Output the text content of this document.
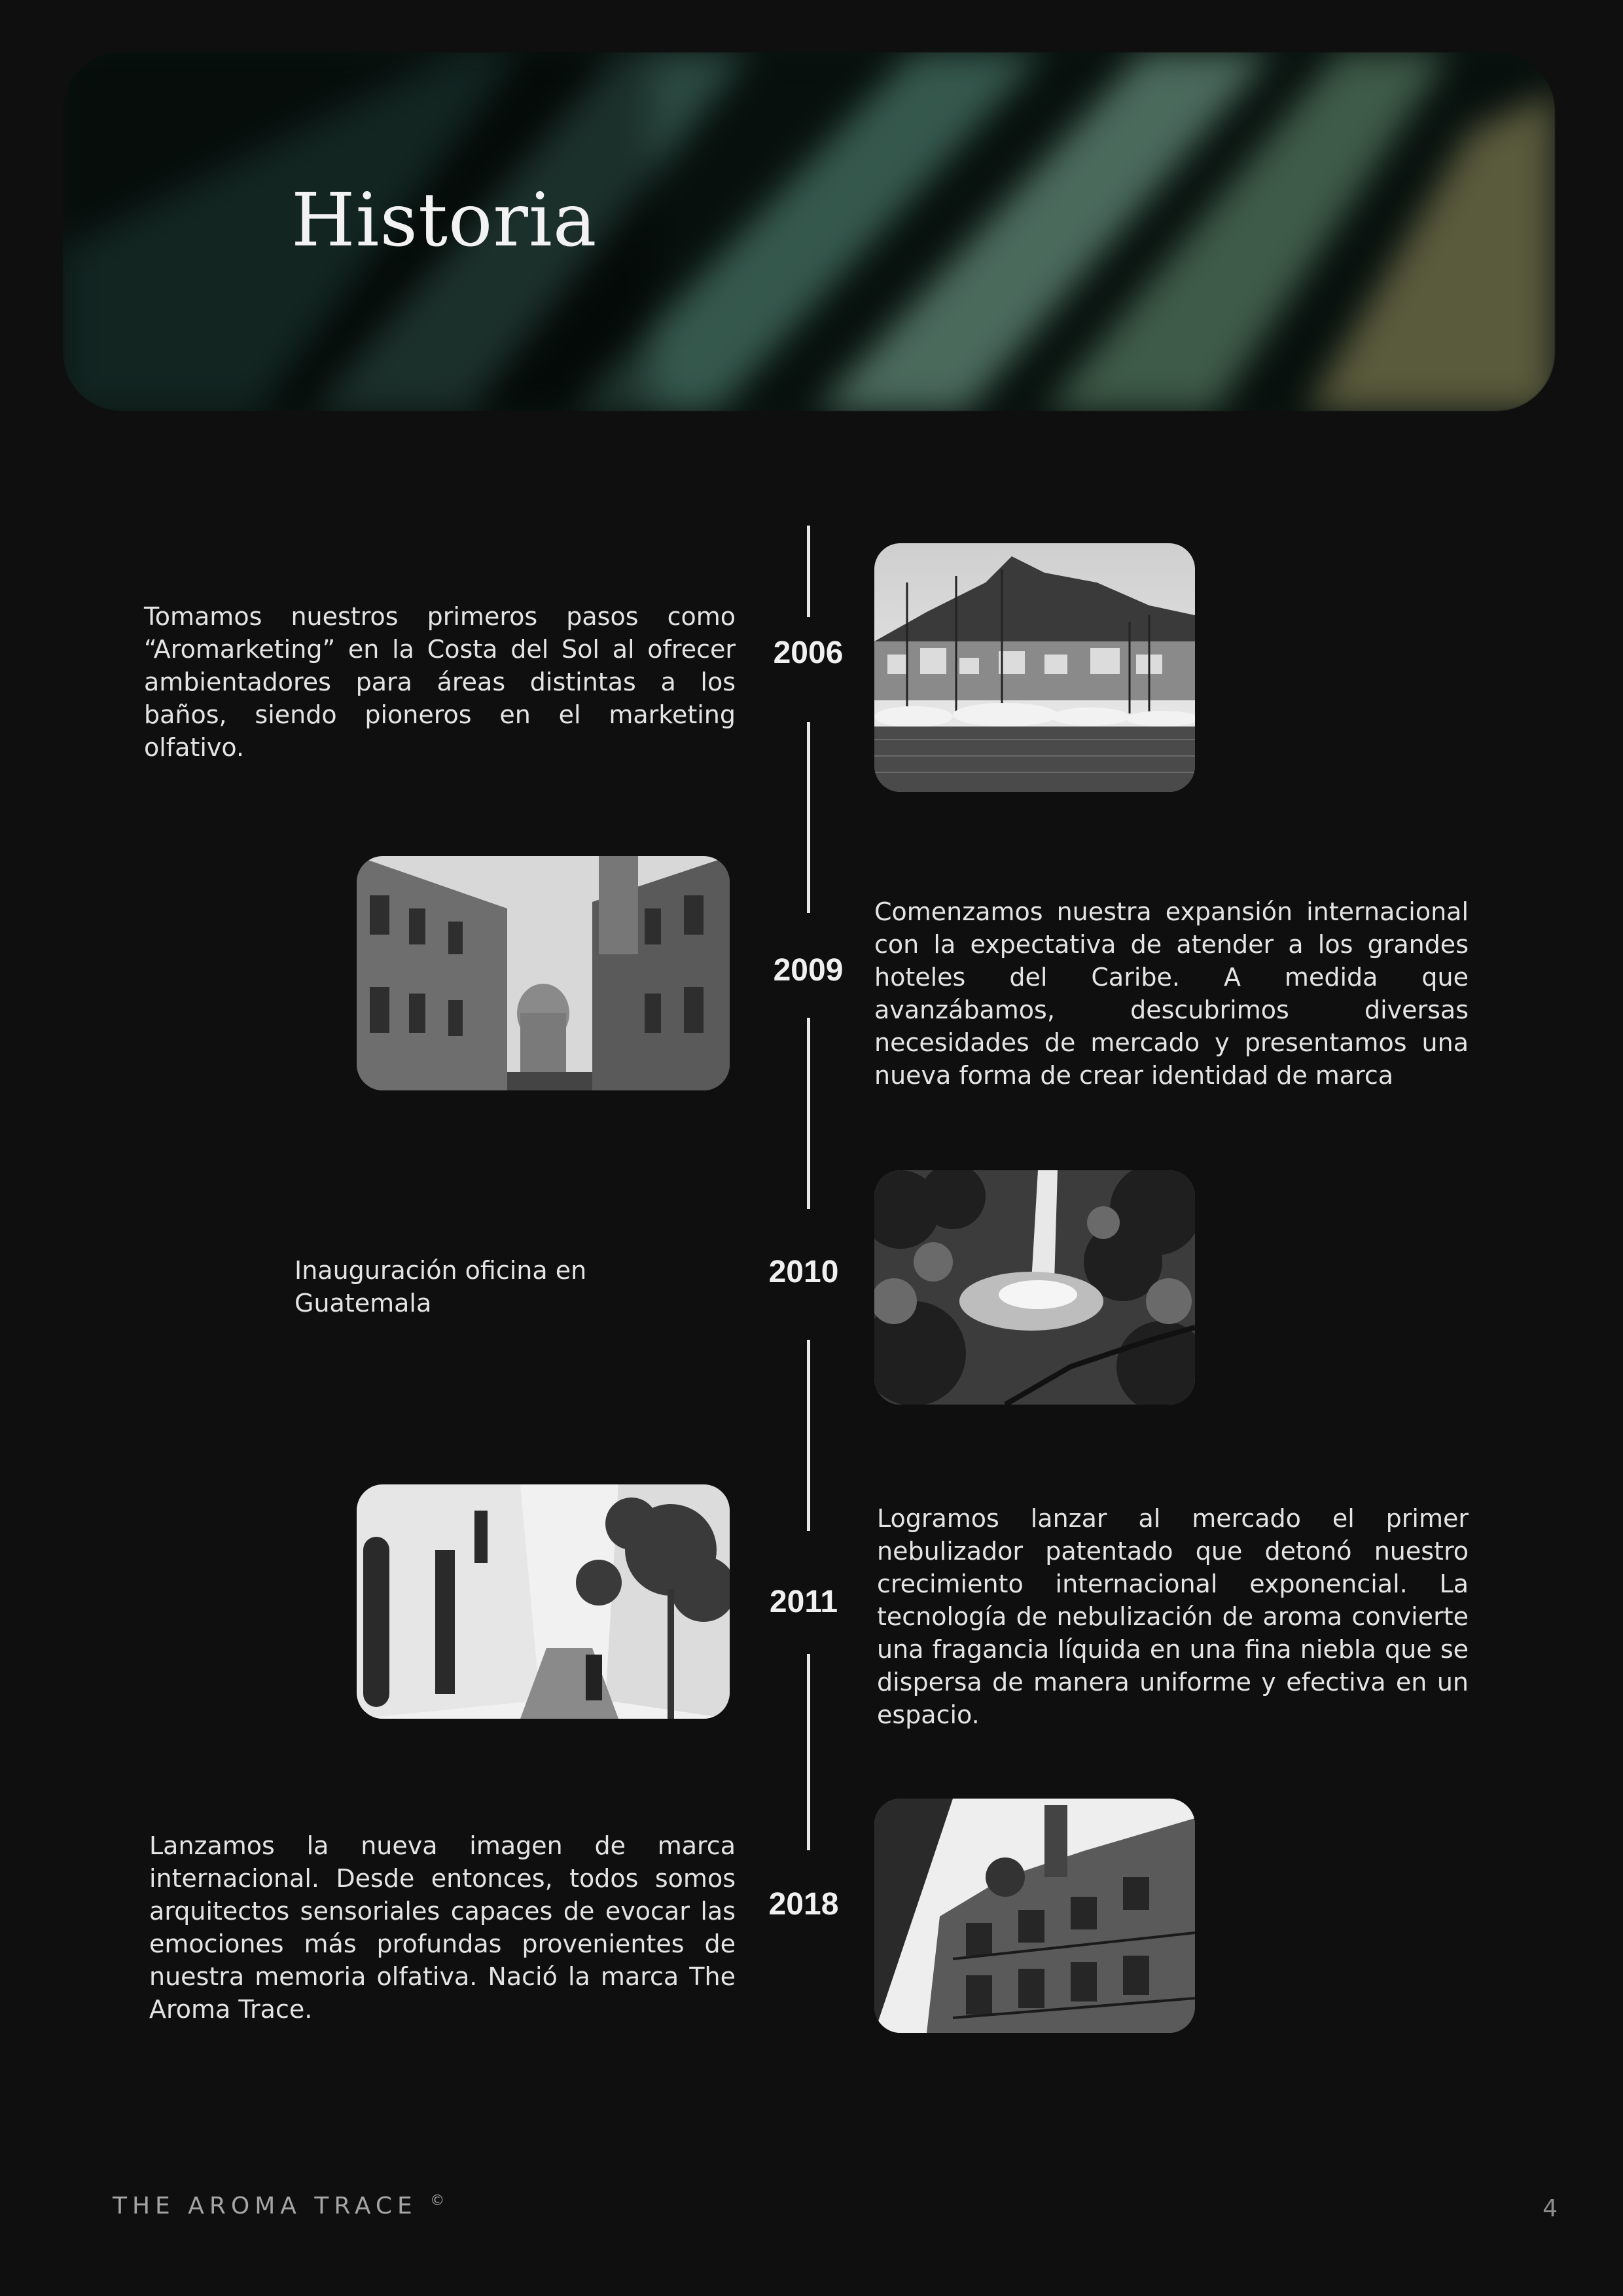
Historia
Tomamos nuestros primeros pasos como “Aromarketing” en la Costa del Sol al ofrecer ambientadores para áreas distintas a los baños, siendo pioneros en el marketing olfativo.
2006
2009
Comenzamos nuestra expansión internacional con la expectativa de atender a los grandes hoteles del Caribe. A medida que avanzábamos, descubrimos diversas necesidades de mercado y presentamos una nueva forma de crear identidad de marca
Inauguración oficina en Guatemala
2010
2011
Logramos lanzar al mercado el primer nebulizador patentado que detonó nuestro crecimiento internacional exponencial. La tecnología de nebulización de aroma convierte una fragancia líquida en una fina niebla que se dispersa de manera uniforme y efectiva en un espacio.
Lanzamos la nueva imagen de marca internacional. Desde entonces, todos somos arquitectos sensoriales capaces de evocar las emociones más profundas provenientes de nuestra memoria olfativa. Nació la marca The Aroma Trace.
2018
THE AROMA TRACE ©	4
